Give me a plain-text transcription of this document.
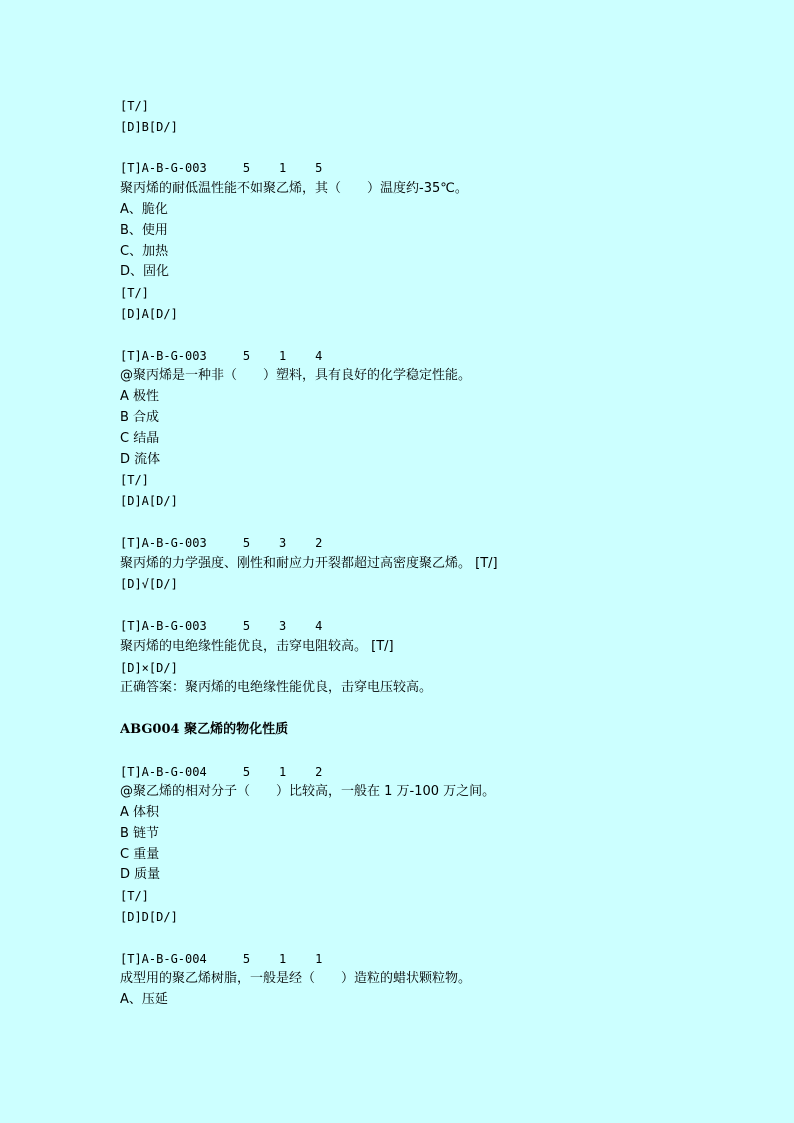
[T/]
[D]B[D/]
[T]A-B-G-003     5    1    5
聚丙烯的耐低温性能不如聚乙烯，其（　　）温度约-35℃。
A、脆化
B、使用
C、加热
D、固化
[T/]
[D]A[D/]
[T]A-B-G-003     5    1    4
@聚丙烯是一种非（　　）塑料，具有良好的化学稳定性能。
A 极性
B 合成
C 结晶
D 流体
[T/]
[D]A[D/]
[T]A-B-G-003     5    3    2
聚丙烯的力学强度、刚性和耐应力开裂都超过高密度聚乙烯。 [T/]
[D]√[D/]
[T]A-B-G-003     5    3    4
聚丙烯的电绝缘性能优良，击穿电阻较高。 [T/]
[D]×[D/]
正确答案：聚丙烯的电绝缘性能优良，击穿电压较高。
ABG004 聚乙烯的物化性质
[T]A-B-G-004     5    1    2
@聚乙烯的相对分子（　　）比较高，一般在 1 万-100 万之间。
A 体积
B 链节
C 重量
D 质量
[T/]
[D]D[D/]
[T]A-B-G-004     5    1    1
成型用的聚乙烯树脂，一般是经（　　）造粒的蜡状颗粒物。
A、压延
